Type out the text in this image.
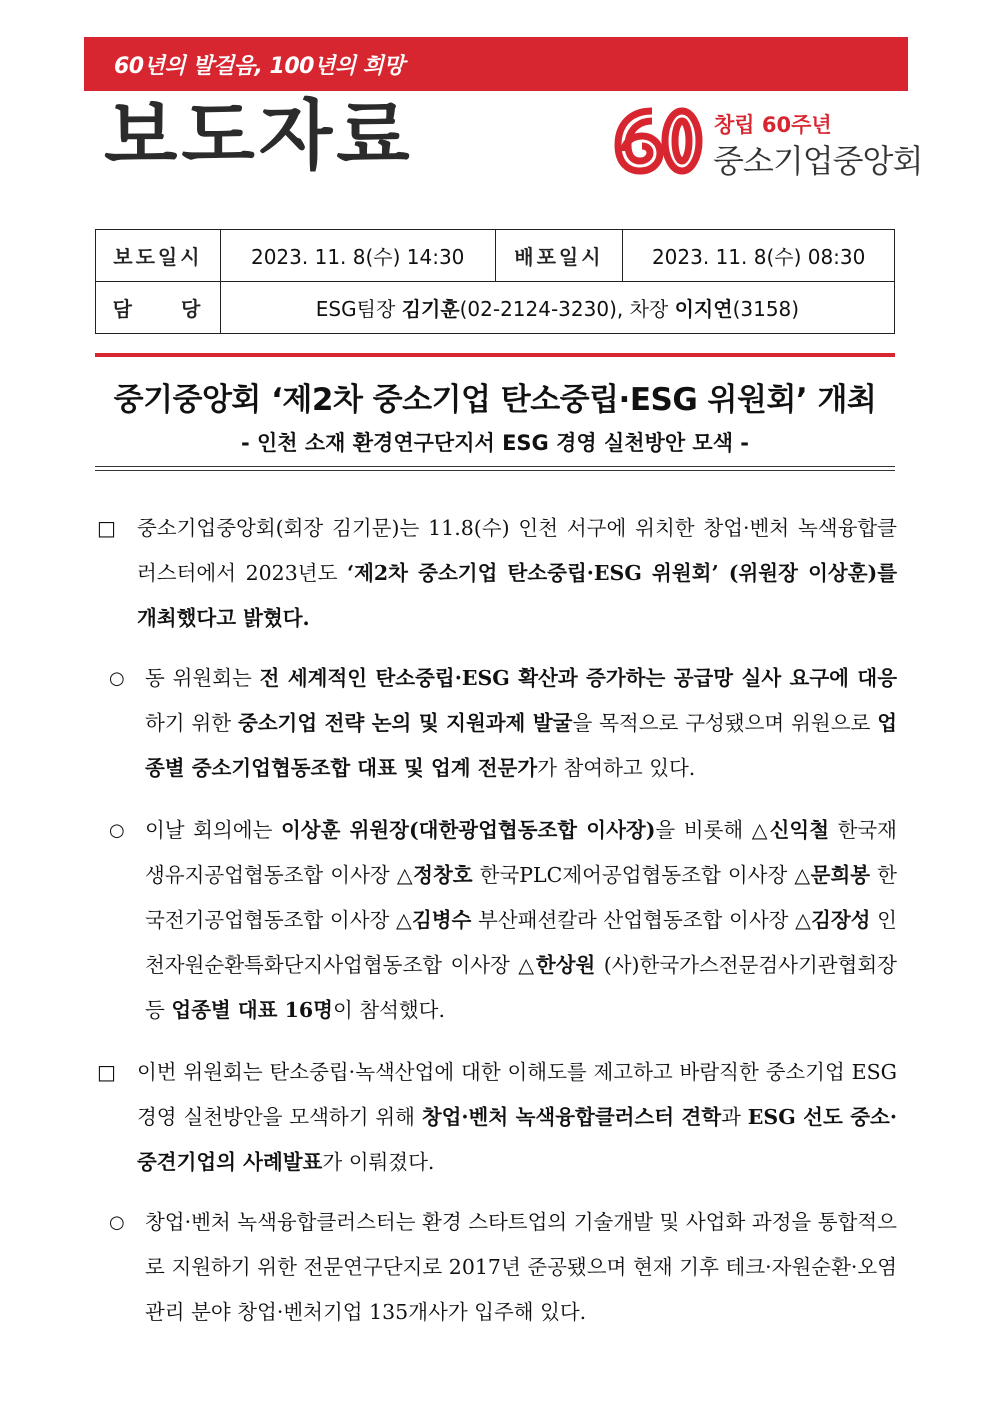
60년의 발걸음, 100년의 희망
보도자료	창립 60주년
중소기업중앙회
보도일시	2023. 11. 8(수) 14:30	배포일시	2023. 11. 8(수) 08:30
담　　당	ESG팀장 김기훈(02-2124-3230), 차장 이지연(3158)		
중기중앙회 ‘제2차 중소기업 탄소중립·ESG 위원회’ 개최
- 인천 소재 환경연구단지서 ESG 경영 실천방안 모색 -

□ 중소기업중앙회(회장 김기문)는 11.8(수) 인천 서구에 위치한 창업·벤처 녹색융합클러스터에서 2023년도 ‘제2차 중소기업 탄소중립·ESG 위원회’ (위원장 이상훈)를 개최했다고 밝혔다.

○ 동 위원회는 전 세계적인 탄소중립·ESG 확산과 증가하는 공급망 실사 요구에 대응하기 위한 중소기업 전략 논의 및 지원과제 발굴을 목적으로 구성됐으며 위원으로 업종별 중소기업협동조합 대표 및 업계 전문가가 참여하고 있다.

○ 이날 회의에는 이상훈 위원장(대한광업협동조합 이사장)을 비롯해 △신익철 한국재생유지공업협동조합 이사장 △정창호 한국PLC제어공업협동조합 이사장 △문희봉 한국전기공업협동조합 이사장 △김병수 부산패션칼라 산업협동조합 이사장 △김장성 인천자원순환특화단지사업협동조합 이사장 △한상원 (사)한국가스전문검사기관협회장 등 업종별 대표 16명이 참석했다.

□ 이번 위원회는 탄소중립·녹색산업에 대한 이해도를 제고하고 바람직한 중소기업 ESG 경영 실천방안을 모색하기 위해 창업·벤처 녹색융합클러스터 견학과 ESG 선도 중소·중견기업의 사례발표가 이뤄졌다.

○ 창업·벤처 녹색융합클러스터는 환경 스타트업의 기술개발 및 사업화 과정을 통합적으로 지원하기 위한 전문연구단지로 2017년 준공됐으며 현재 기후 테크·자원순환·오염관리 분야 창업·벤처기업 135개사가 입주해 있다.
